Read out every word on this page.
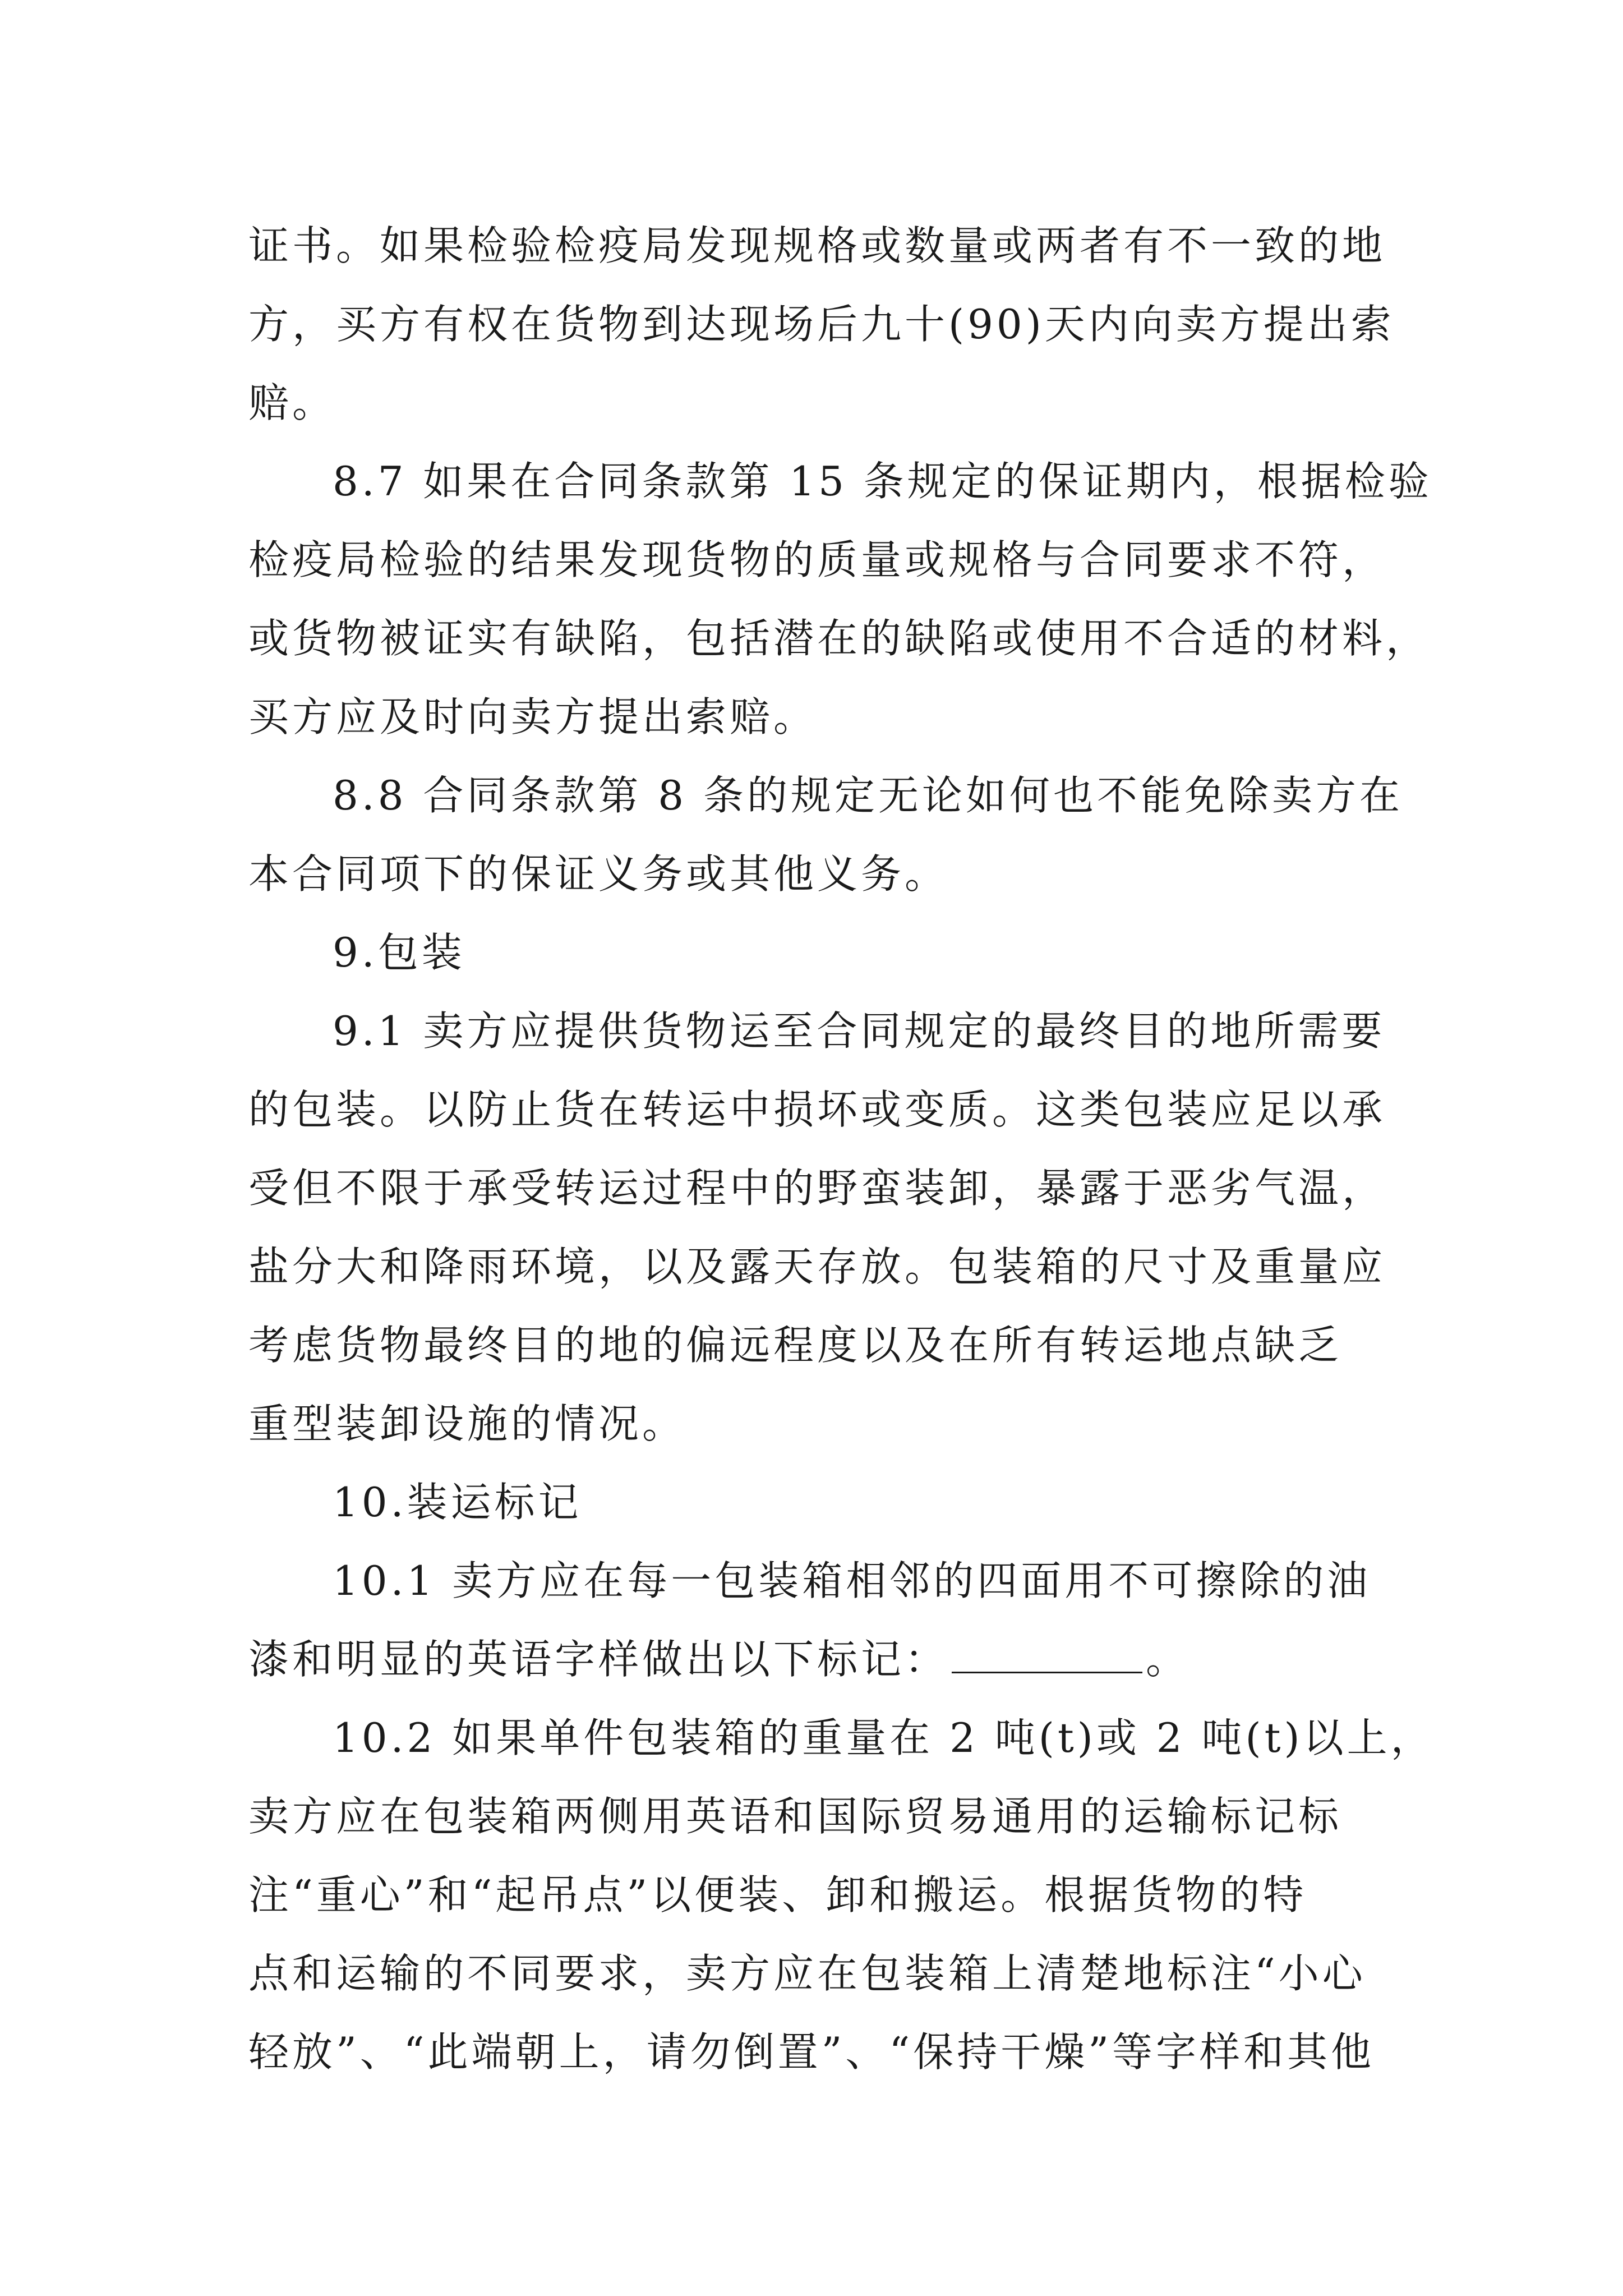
证书。如果检验检疫局发现规格或数量或两者有不一致的地
方，买方有权在货物到达现场后九十(90)天内向卖方提出索
赔。
8.7 如果在合同条款第 15 条规定的保证期内，根据检验
检疫局检验的结果发现货物的质量或规格与合同要求不符，
或货物被证实有缺陷，包括潜在的缺陷或使用不合适的材料，
买方应及时向卖方提出索赔。
8.8 合同条款第 8 条的规定无论如何也不能免除卖方在
本合同项下的保证义务或其他义务。
9.包装
9.1 卖方应提供货物运至合同规定的最终目的地所需要
的包装。以防止货在转运中损坏或变质。这类包装应足以承
受但不限于承受转运过程中的野蛮装卸，暴露于恶劣气温，
盐分大和降雨环境，以及露天存放。包装箱的尺寸及重量应
考虑货物最终目的地的偏远程度以及在所有转运地点缺乏
重型装卸设施的情况。
10.装运标记
10.1 卖方应在每一包装箱相邻的四面用不可擦除的油
漆和明显的英语字样做出以下标记：	。
10.2 如果单件包装箱的重量在 2 吨(t)或 2 吨(t)以上，
卖方应在包装箱两侧用英语和国际贸易通用的运输标记标
注“重心”和“起吊点”以便装、卸和搬运。根据货物的特
点和运输的不同要求，卖方应在包装箱上清楚地标注“小心
轻放”、“此端朝上，请勿倒置”、“保持干燥”等字样和其他
